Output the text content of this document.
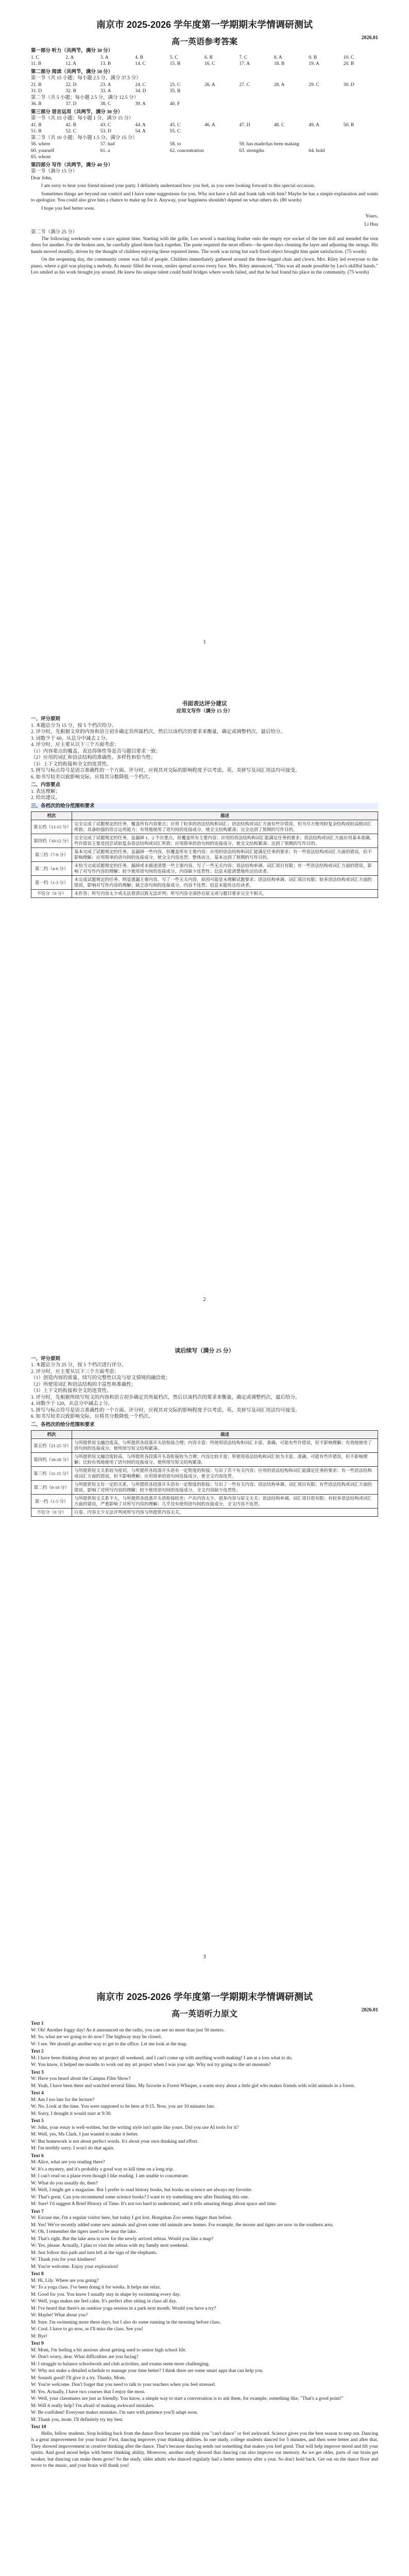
南京市 2025-2026 学年度第一学期期末学情调研测试
高一英语参考答案	2026.01
第一部分 听力（共两节，满分 30 分）
1. C	2. A	3. A	4. B	5. C	6. B	7. C	8. A	9. B	10. C
11. B	12. A	13. B	14. C	15. B	16. C	17. A	18. B	19. A	20. B
第二部分 阅读（共两节，满分 50 分）
第一节（共 15 小题；每小题 2.5 分，满分 37.5 分）
21. B	22. D	23. A	24. C	25. C	26. A	27. C	28. A	29. C	30. D
31. D	32. B	33. A	34. D	35. B
第二节（共 5 小题；每小题 2.5 分，满分 12.5 分）
36. B	37. D	38. C	39. A	40. F
第三部分 语言运用（共两节，满分 30 分）
第一节（共 15 小题；每小题 1 分，满分 15 分）
41. B	42. B	43. C	44. A	45. C	46. A	47. D	48. C	49. A	50. B
51. B	52. C	53. D	54. A	55. C
第二节（共 10 小题；每小题 1.5 分，满分 15 分）
56. where	57. had	58. to	59. has made/has been making
60. yourself	61. a	62. concentration	63. strengths	64. hold
65. whose
第四部分 写作（共两节，满分 40 分）
第一节（满分 15 分）

Dear John,

I am sorry to hear your friend missed your party. I definitely understand how you feel, as you were looking forward to this special occasion.

Sometimes things are beyond our control and I have some suggestions for you. Why not have a full and frank talk with him? Maybe he has a simple explanation and wants to apologize. You could also give him a chance to make up for it. Anyway, your happiness shouldn't depend on what others do. (80 words)

I hope you feel better soon.

Yours,

Li Hua

第二节（满分 25 分）

The following weekends were a race against time. Starting with the grille, Leo sewed a matching feather onto the empty eye socket of the tree doll and mended the torn dress for another. For the broken arm, he carefully glued them back together. The paste required the most efforts—he spent days cleaning the layer and adjusting the strings. His hands moved steadily, driven by the thought of children enjoying these repaired items. The work was tiring but each fixed object brought him quiet satisfaction. (75 words)

On the reopening day, the community center was full of people. Children immediately gathered around the three-legged chair and clown. Mrs. Riley led everyone to the piano, where a girl was playing a melody. As music filled the room, smiles spread across every face. Mrs. Riley announced, "This was all made possible by Leo's skillful hands." Leo smiled as his work brought joy around. He knew his unique talent could build bridges where words failed, and that he had found his place in the community. (75 words)

1
书面表达评分建议
应用文写作（满分 15 分）
一、评分原则
1. 本题总分为 15 分，按 5 个档次给分。
2. 评分时，先根据文章的内容和语言初步确定其所属档次，然后以该档次的要求来衡量，确定或调整档次，最后给分。
3. 词数少于 60，从总分中减去 2 分。
4. 评分时，应主要从以下三个方面考虑：
（1）内容要点的覆盖、表达得体性等是否与题目要求一致；
（2）应用的词汇和语法结构的准确性、多样性和恰当性；
（3）上下文的衔接和全文的连贯性。
5. 拼写与标点符号是语言准确性的一个方面。评分时，应视其对交际的影响程度予以考虑。英、美拼写及词汇用法均可接受。
6. 如书写较差以致影响交际，应将其分数降低一个档次。
二、内容要点
1. 表达理解；
2. 给出建议。
三、各档次的给分范围和要求
档次	描述
第五档（13-15 分）	完全完成了试题规定的任务。覆盖所有内容要点；应用了较多的语法结构和词汇；语法结构或词汇方面有些许错误，但为尽力使用较复杂结构或较高级词汇所致；具备较强的语言运用能力；有效地使用了语句间的连接成分，使全文结构紧凑；完全达到了预期的写作目的。
第四档（10-12 分）	完全完成了试题规定的任务。虽漏掉 1、2 个次重点，但覆盖所有主要内容；应用的语法结构和词汇能满足任务的要求；语法结构或词汇方面应用基本准确，些许错误主要是因尝试较复杂语法结构或词汇所致；应用简单的语句间的连接成分，使全文结构紧凑；达到了预期的写作目的。
第三档（7-9 分）	基本完成了试题规定的任务。虽漏掉一些内容，但覆盖所有主要内容；应用的语法结构和词汇能满足任务的要求；有一些语法结构或词汇方面的错误，但不影响理解；应用简单的语句间的连接成分，使全文内容连贯；整体而言，基本达到了预期的写作目的。
第二档（4-6 分）	未恰当完成试题规定的任务。漏掉或未描述清楚一些主要内容，写了一些无关内容；语法结构单调、词汇项目有限；有一些语法结构或词汇方面的错误，影响了对写作内容的理解；较少使用语句间的连接成分，内容缺少连贯性；信息未能清楚地传达给读者。
第一档（1-3 分）	未完成试题规定的任务。明显遗漏主要内容，写了一些无关内容，原因可能是未理解试题要求；语法结构单调、词汇项目有限；较多语法结构或词汇方面的错误，影响对写作内容的理解；缺乏语句间的连接成分，内容不连贯；信息未能传达给读者。
不给分（0 分）	未作答；所写内容太少或无法看清以致无法评判；所写内容全部抄自原文或与题目要求完全不相关。
2
读后续写（满分 25 分）
一、评分原则
1. 本题总分为 25 分，按 5 个档次进行评分。
2. 评分时，应主要从以下三个方面考虑：
（1）创造内容的质量、续写的完整性以及与原文情境的融洽度；
（2）所使用词汇和语法结构的丰富性和准确性；
（3）上下文的衔接和全文的连贯性。
3. 评分时，先根据所续写短文的内容和语言初步确定其所属档次，然后以该档次的要求来衡量，确定或调整档次，最后给分。
4. 词数少于 120，从总分中减去 2 分。
5. 拼写与标点符号是语言准确性的一个方面。评分时，应视其对交际的影响程度予以考虑。英、美拼写及词汇用法均可接受。
6. 如书写较差以致影响交际，应将其分数降低一个档次。
二、各档次的给分范围和要求
档次	描述
第五档（21-25 分）	与所提供短文融洽度高，与所提供各段落开头语衔接合理；内容丰富；所使用语法结构和词汇丰富、准确，可能有些许错误，但不影响理解；有效地使用了语句间的连接成分，使所续写短文结构紧凑。
第四档（16-20 分）	与所提供短文融洽度较高，与所提供各段落开头语衔接较为合理；内容比较丰富；所使用语法结构和词汇较为丰富、准确，可能有些许错误，但不影响理解；比较有效地使用了语句间的连接成分，使所续写短文结构紧凑。
第三档（11-15 分）	与所提供短文关系较为密切，与所提供各段落开头语有一定程度的衔接；写出了若干有关内容；应用的语法结构和词汇能满足任务的要求；有一些语法结构或词汇方面的错误，但不影响理解；应用简单的语句间连接成分，使全文内容连贯。
第二档（6-10 分）	与所提供短文有一定的关系，与所提供各段落开头语有一定程度的衔接；写出了一些有关内容；语法结构单调、词汇项目有限；有些语法结构或词汇方面的错误，影响了对所写内容的理解；较少使用语句间的连接成分，全文内容缺少连贯性。
第一档（1-5 分）	与所提供短文关系不大，与所提供各段落开头语衔接较差；产出内容太少，很多内容与原文无关；语法结构单调、词汇项目很有限；有较多语法结构或词汇方面的错误，严重影响了对所写内容的理解；几乎没有使用语句间的连接成分，全文内容不连贯。
不给分（0 分）	白卷、内容太少无法评判或所写内容与所提供内容无关。
3
南京市 2025-2026 学年度第一学期期末学情调研测试
高一英语听力原文	2026.01
Text 1
W: Oh! Another foggy day! As it announced on the radio, you can see no more than just 50 meters.
M: So, what are we going to do now? The highway may be closed.
W: I see. We should go another way to get to the office. Let me look at the map.
Text 2
M: I have been thinking about my art project all weekend, and I can't come up with anything worth making! I am at a loss what to do.
W: You know, it helped me months to work out my art project when I was your age. Why not try going to the art museum?
Text 3
W: Have you heard about the Campus Film Show?
M: Yeah, I have been there and watched several films. My favorite is Forest Whisper, a warm story about a little girl who makes friends with wild animals in a forest.
Text 4
M: Am I too late for the lecture?
W: No. Look at the time. You were supposed to be here at 9:15. Now, you are 10 minutes late.
M: Sorry, I thought it would start at 9:30.
Text 5
W: John, your essay is well-written, but the writing style isn't quite like yours. Did you use AI tools for it?
M: Well, yes, Ms Clark. I just wanted to make it better.
W: But homework is not about perfect words. It's about your own thinking and effort.
M: I'm terribly sorry. I won't do that again.
Text 6
M: Alice, what are you reading there?
W: It's a mystery, and it's probably a good way to kill time on a long trip.
M: I can't read on a plane even though I like reading. I am unable to concentrate.
W: What do you usually do, then?
M: Well, I might get a magazine. But I prefer to read history books, but books on science are always my favorite.
W: That's great. Can you recommend some science books? I want to try something new after finishing this one.
M: Sure! I'd suggest A Brief History of Time. It's not too hard to understand, and it tells amazing things about space and time.
Text 7
W: Excuse me, I'm a regular visitor here, but today I got lost. Hongshan Zoo seems bigger than before.
M: Yes! We've recently added some new animals and given some old animals new homes. For example, the moose and tigers are now in the southern area.
W: Oh, I remember the tigers used to be near the lake.
M: That's right. But the lake area is now for the newly arrived zebras. Would you like a map?
W: Yes, please. Actually, I plan to visit the zebras with my family next weekend.
M: Just follow this path and turn left at the sign of the elephants.
W: Thank you for your kindness!
M: You're welcome. Enjoy your exploration!
Text 8
M: Hi, Lily. Where are you going?
W: To a yoga class. I've been doing it for weeks. It helps me relax.
M: Good for you. You know I usually stay in shape by swimming every day.
W: Well, yoga makes me feel calm. It's perfect after sitting in class all day.
M: I've heard that there's an outdoor yoga session in a park next month. Would you have a try?
W: Maybe! What about you?
M: Sure. I'm swimming more these days, but I also do some running in the morning before class.
W: Cool. I have to go now, or I'll miss the class. See you!
M: Bye!
Text 9
M: Mom, I'm feeling a bit anxious about getting used to senior high school life.
W: Don't worry, dear. What difficulties are you facing?
M: I struggle to balance schoolwork and club activities, and exams seem more challenging.
W: Why not make a detailed schedule to manage your time better? I think there are some smart apps that can help you.
M: Sounds good! I'll give it a try. Thanks, Mom.
W: You're welcome. Don't forget that you need to talk to your teachers when you feel stressed.
M: Yes. Actually, I have two courses that I enjoy the most.
W: Well, your classmates are just as friendly. You know, a simple way to start a conversation is to ask them, for example, something like, "That's a good point!"
M: Will it really help? I'm afraid of making awkward mistakes.
W: Be confident! Everyone makes mistakes. I'm sure with patience you'll adapt soon.
M: Thank you, mom. I'll definitely try my best.
Text 10

Hello, fellow students. Stop holding back from the dance floor because you think you "can't dance" or feel awkward. Science gives you the best reason to step out. Dancing is a great improvement for your brain! First, dancing improves your thinking abilities. In one study, college students danced for 5 minutes, and then were better and after that. They showed improvement in creative thinking after the dance. That's because dancing sends out something that makes you feel good. That will help improve mood and lift your spirits. And good mood helps with better thinking ability. Moreover, another study showed that dancing can also improve our memory. As we get older, parts of our brain get weaker, but dancing can make them grow! So the study, older adults who danced regularly had a better memory after a year. So don't hold back. Get out on the dance floor and move to the music, and your brain will thank you!
